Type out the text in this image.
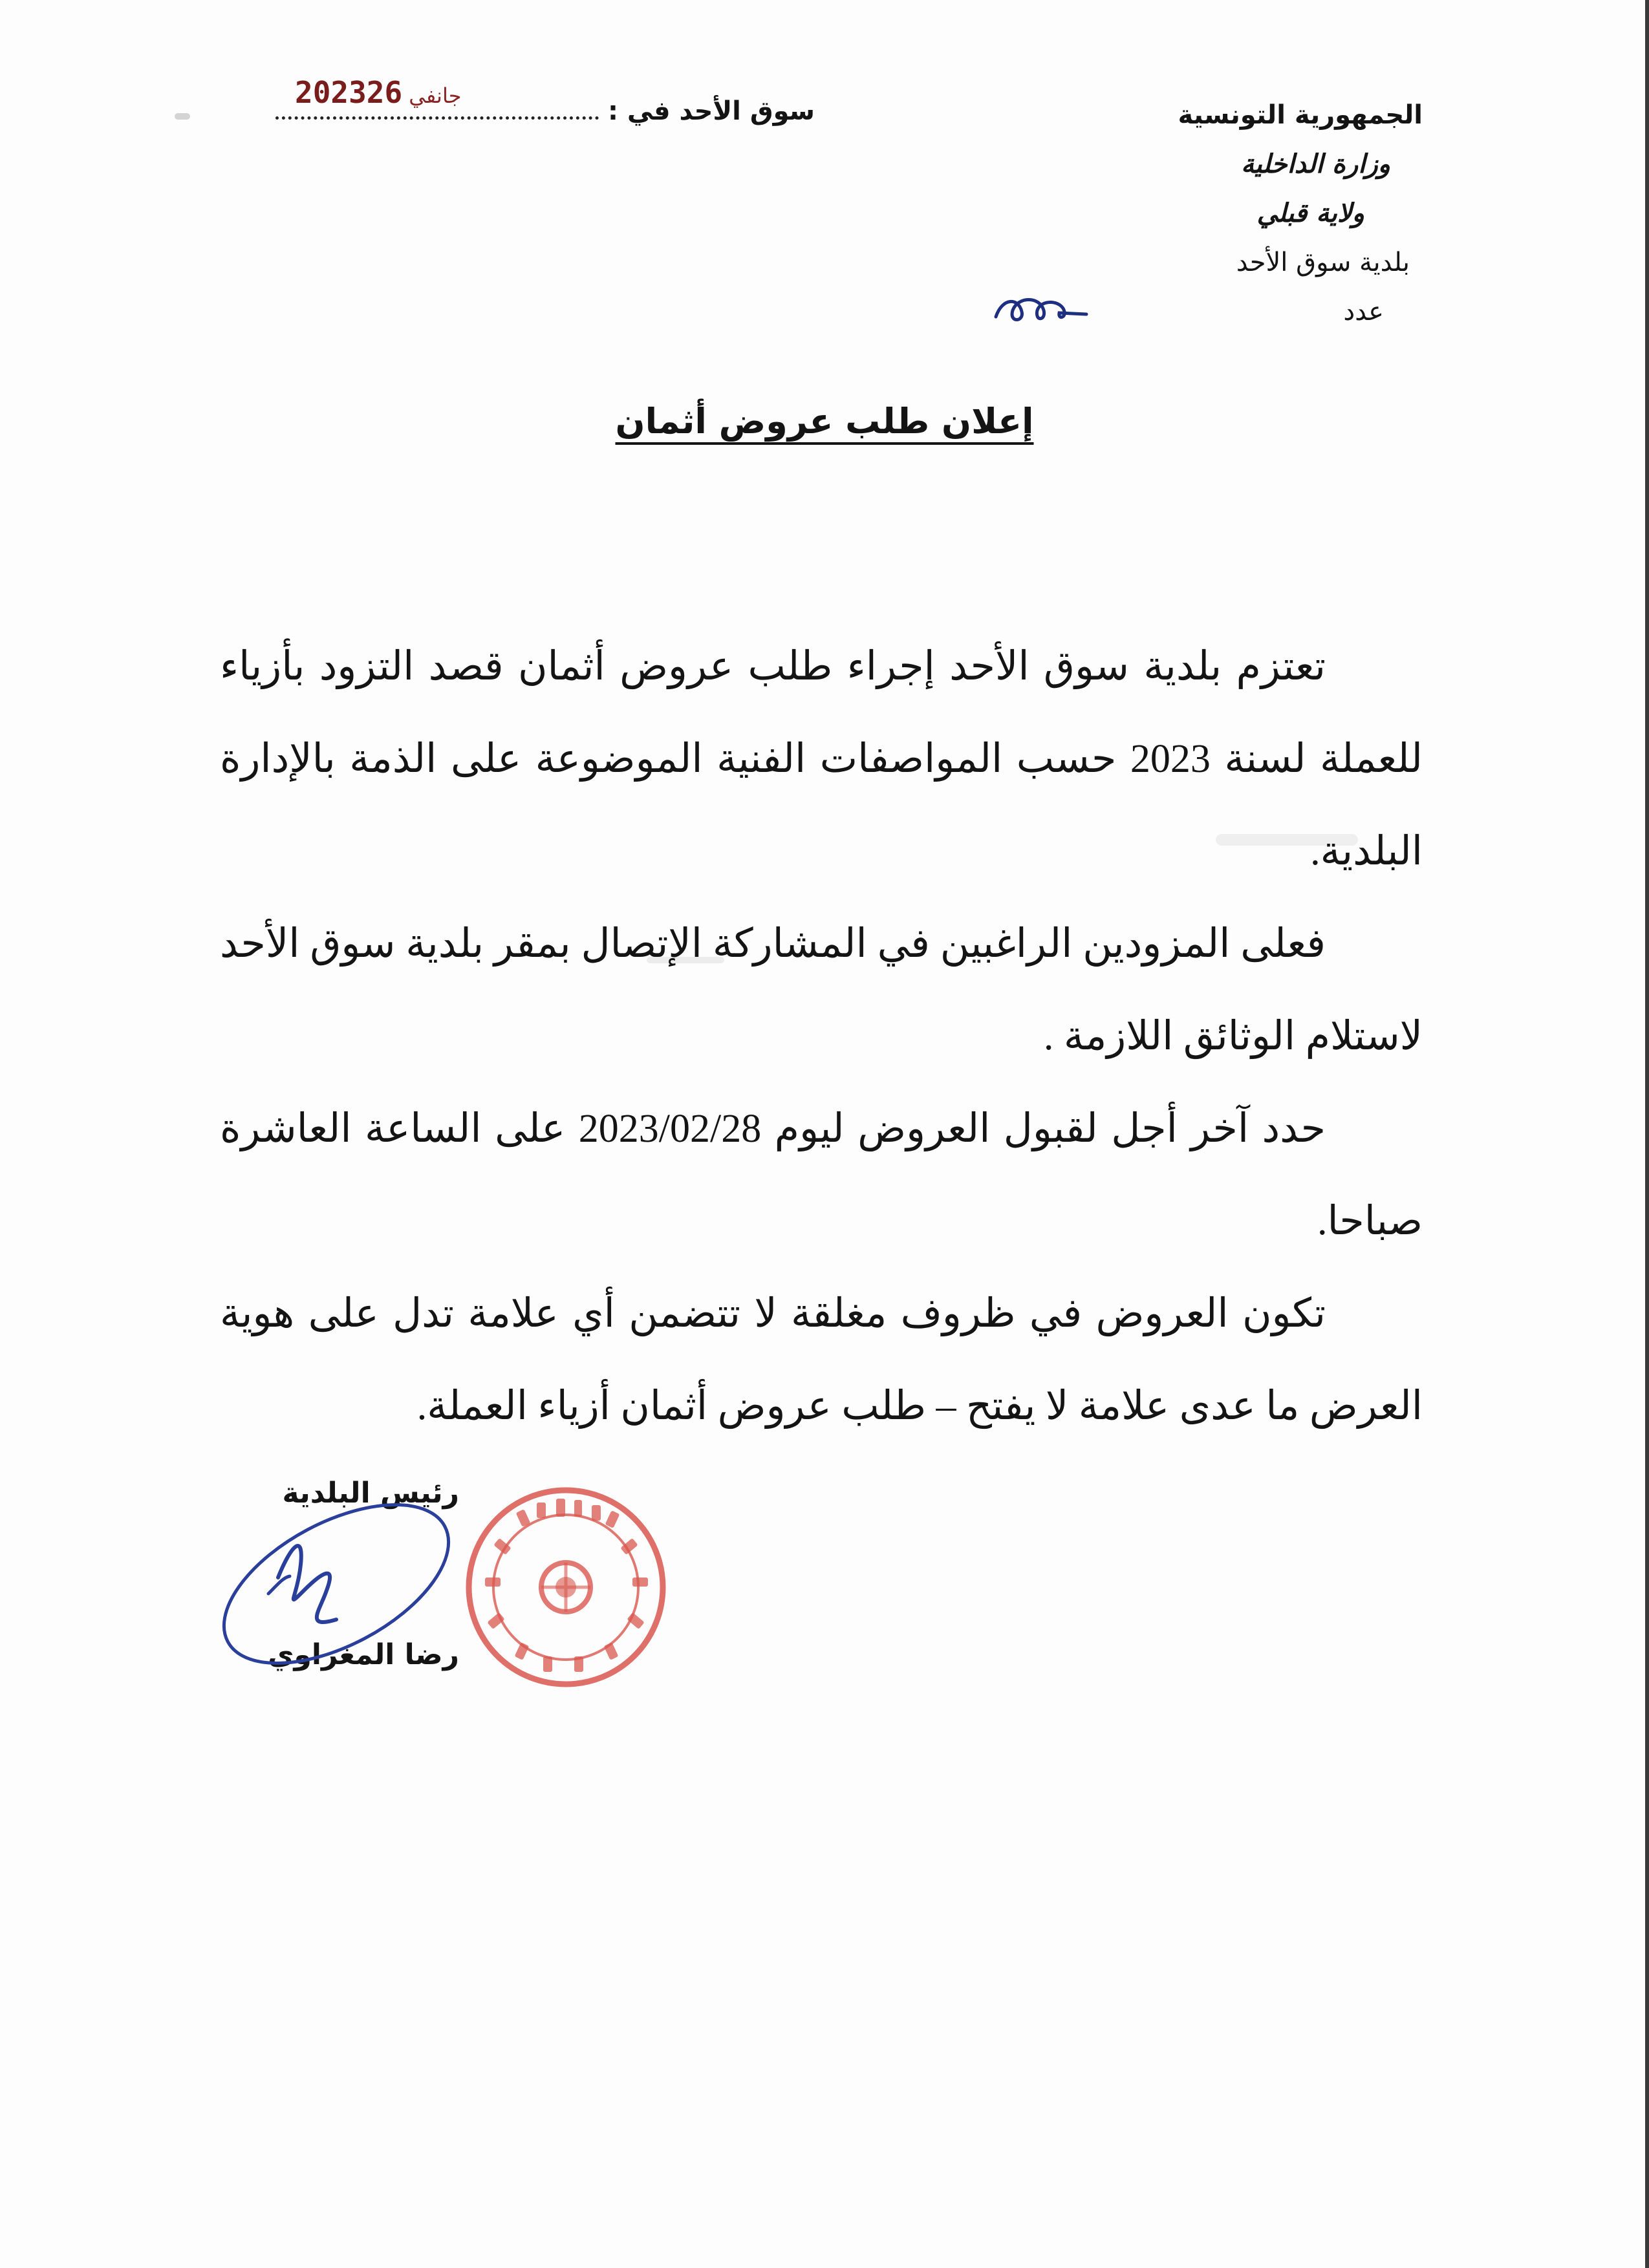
الجمهورية التونسية
وزارة الداخلية
ولاية قبلي
بلدية سوق الأحد
عدد
سوق الأحد في :
2023 جانفي26
إعلان طلب عروض أثمان

تعتزم بلدية سوق الأحد إجراء طلب عروض أثمان قصد التزود بأزياء للعملة لسنة 2023 حسب المواصفات الفنية الموضوعة على الذمة بالإدارة البلدية.

فعلى المزودين الراغبين في المشاركة الإتصال بمقر بلدية سوق الأحد لاستلام الوثائق اللازمة .

حدد آخر أجل لقبول العروض ليوم 2023/02/28 على الساعة العاشرة صباحا.

تكون العروض في ظروف مغلقة لا تتضمن أي علامة تدل على هوية العرض ما عدى علامة لا يفتح – طلب عروض أثمان أزياء العملة.

رئيس البلدية
رضا المغزاوي
